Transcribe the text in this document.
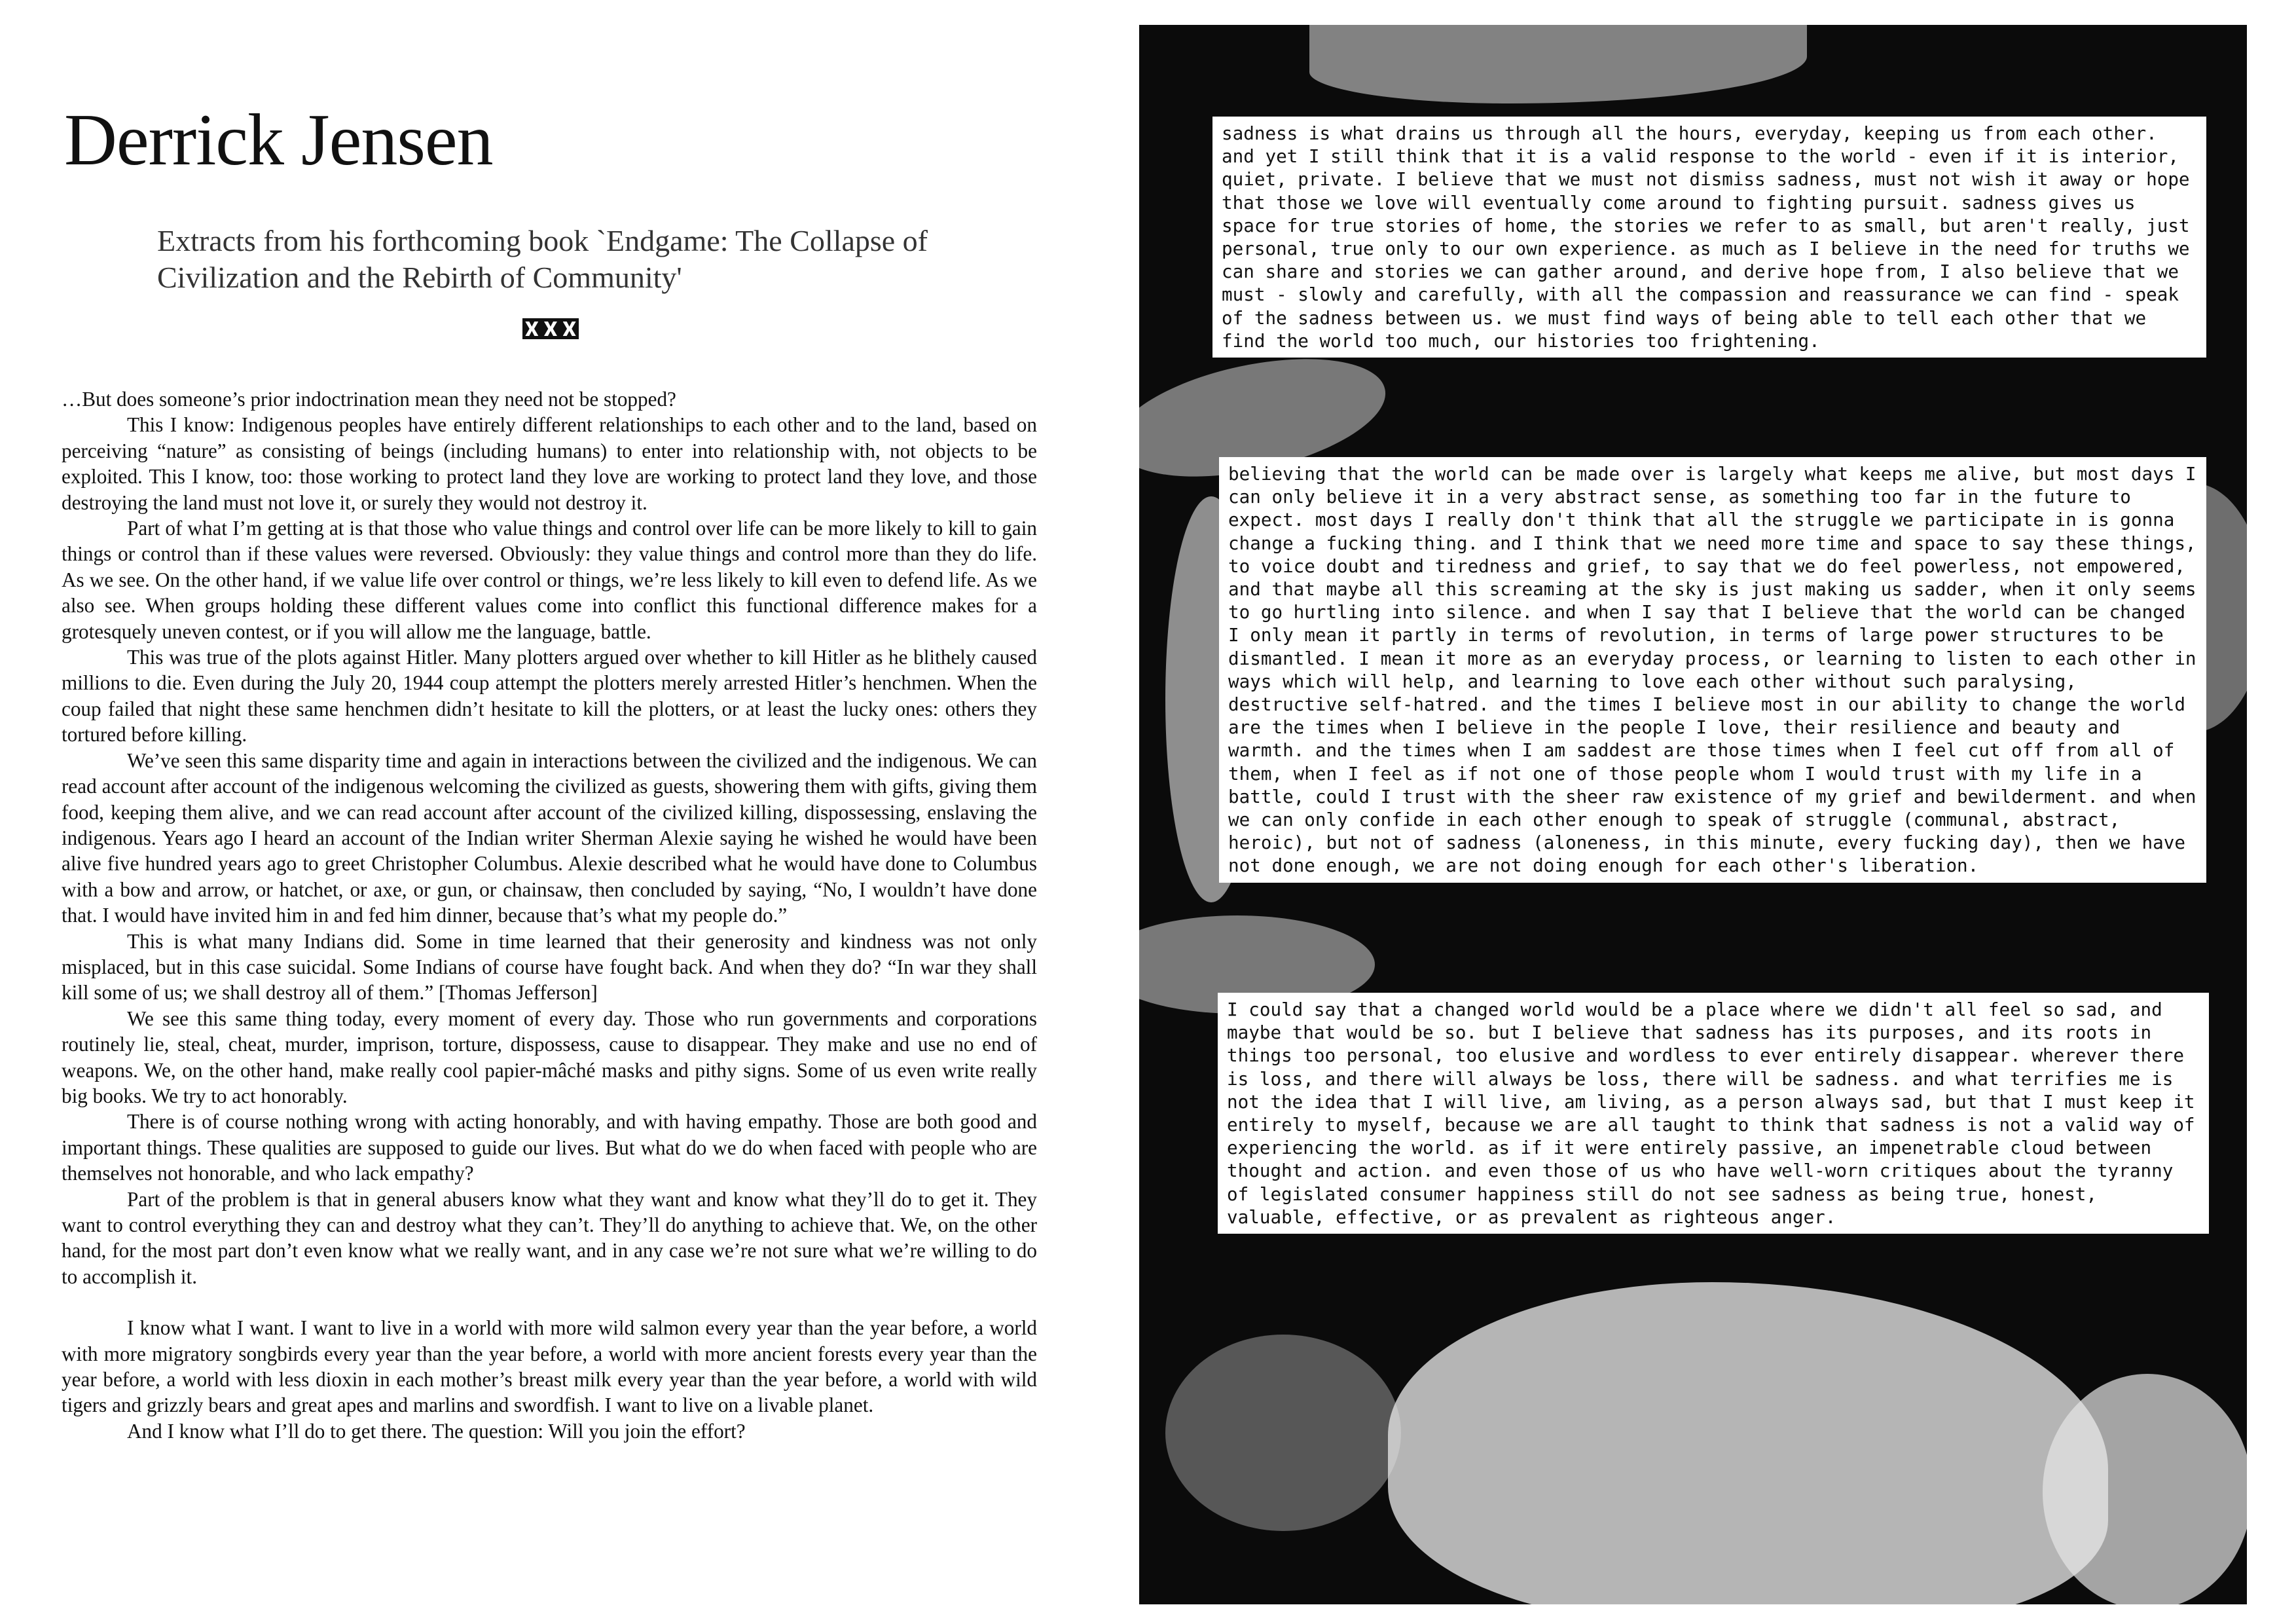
Derrick Jensen
Extracts from his forthcoming book `Endgame: The Collapse of Civilization and the Rebirth of Community'

…But does someone’s prior indoctrination mean they need not be stopped?

This I know: Indigenous peoples have entirely different relationships to each other and to the land, based on perceiving “nature” as consisting of beings (including humans) to enter into relationship with, not objects to be exploited. This I know, too: those working to protect land they love are working to protect land they love, and those destroying the land must not love it, or surely they would not destroy it.

Part of what I’m getting at is that those who value things and control over life can be more likely to kill to gain things or control than if these values were reversed. Obviously: they value things and control more than they do life. As we see. On the other hand, if we value life over control or things, we’re less likely to kill even to defend life. As we also see. When groups holding these different values come into conflict this functional difference makes for a grotesquely uneven contest, or if you will allow me the language, battle.

This was true of the plots against Hitler. Many plotters argued over whether to kill Hitler as he blithely caused millions to die. Even during the July 20, 1944 coup attempt the plotters merely arrested Hitler’s henchmen. When the coup failed that night these same henchmen didn’t hesitate to kill the plotters, or at least the lucky ones: others they tortured before killing.

We’ve seen this same disparity time and again in interactions between the civilized and the indigenous. We can read account after account of the indigenous welcoming the civilized as guests, showering them with gifts, giving them food, keeping them alive, and we can read account after account of the civilized killing, dispossessing, enslaving the indigenous. Years ago I heard an account of the Indian writer Sherman Alexie saying he wished he would have been alive five hundred years ago to greet Christopher Columbus. Alexie described what he would have done to Columbus with a bow and arrow, or hatchet, or axe, or gun, or chainsaw, then concluded by saying, “No, I wouldn’t have done that. I would have invited him in and fed him dinner, because that’s what my people do.”

This is what many Indians did. Some in time learned that their generosity and kindness was not only misplaced, but in this case suicidal. Some Indians of course have fought back. And when they do? “In war they shall kill some of us; we shall destroy all of them.” [Thomas Jefferson]

We see this same thing today, every moment of every day. Those who run governments and corporations routinely lie, steal, cheat, murder, imprison, torture, dispossess, cause to disappear. They make and use no end of weapons. We, on the other hand, make really cool papier-mâché masks and pithy signs. Some of us even write really big books. We try to act honorably.

There is of course nothing wrong with acting honorably, and with having empathy. Those are both good and important things. These qualities are supposed to guide our lives. But what do we do when faced with people who are themselves not honorable, and who lack empathy?

Part of the problem is that in general abusers know what they want and know what they’ll do to get it. They want to control everything they can and destroy what they can’t. They’ll do anything to achieve that. We, on the other hand, for the most part don’t even know what we really want, and in any case we’re not sure what we’re willing to do to accomplish it.

I know what I want. I want to live in a world with more wild salmon every year than the year before, a world with more migratory songbirds every year than the year before, a world with more ancient forests every year than the year before, a world with less dioxin in each mother’s breast milk every year than the year before, a world with wild tigers and grizzly bears and great apes and marlins and swordfish. I want to live on a livable planet.

And I know what I’ll do to get there. The question: Will you join the effort?

sadness is what drains us through all the hours, everyday, keeping us from each other. and yet I still think that it is a valid response to the world - even if it is interior, quiet, private. I believe that we must not dismiss sadness, must not wish it away or hope that those we love will eventually come around to fighting pursuit. sadness gives us space for true stories of home, the stories we refer to as small, but aren't really, just personal, true only to our own experience. as much as I believe in the need for truths we can share and stories we can gather around, and derive hope from, I also believe that we must - slowly and carefully, with all the compassion and reassurance we can find - speak of the sadness between us. we must find ways of being able to tell each other that we find the world too much, our histories too frightening.
believing that the world can be made over is largely what keeps me alive, but most days I can only believe it in a very abstract sense, as something too far in the future to expect. most days I really don't think that all the struggle we participate in is gonna change a fucking thing. and I think that we need more time and space to say these things, to voice doubt and tiredness and grief, to say that we do feel powerless, not empowered, and that maybe all this screaming at the sky is just making us sadder, when it only seems to go hurtling into silence. and when I say that I believe that the world can be changed I only mean it partly in terms of revolution, in terms of large power structures to be dismantled. I mean it more as an everyday process, or learning to listen to each other in ways which will help, and learning to love each other without such paralysing, destructive self-hatred. and the times I believe most in our ability to change the world are the times when I believe in the people I love, their resilience and beauty and warmth. and the times when I am saddest are those times when I feel cut off from all of them, when I feel as if not one of those people whom I would trust with my life in a battle, could I trust with the sheer raw existence of my grief and bewilderment. and when we can only confide in each other enough to speak of struggle (communal, abstract, heroic), but not of sadness (aloneness, in this minute, every fucking day), then we have not done enough, we are not doing enough for each other's liberation.
I could say that a changed world would be a place where we didn't all feel so sad, and maybe that would be so. but I believe that sadness has its purposes, and its roots in things too personal, too elusive and wordless to ever entirely disappear. wherever there is loss, and there will always be loss, there will be sadness. and what terrifies me is not the idea that I will live, am living, as a person always sad, but that I must keep it entirely to myself, because we are all taught to think that sadness is not a valid way of experiencing the world. as if it were entirely passive, an impenetrable cloud between thought and action. and even those of us who have well-worn critiques about the tyranny of legislated consumer happiness still do not see sadness as being true, honest, valuable, effective, or as prevalent as righteous anger.
